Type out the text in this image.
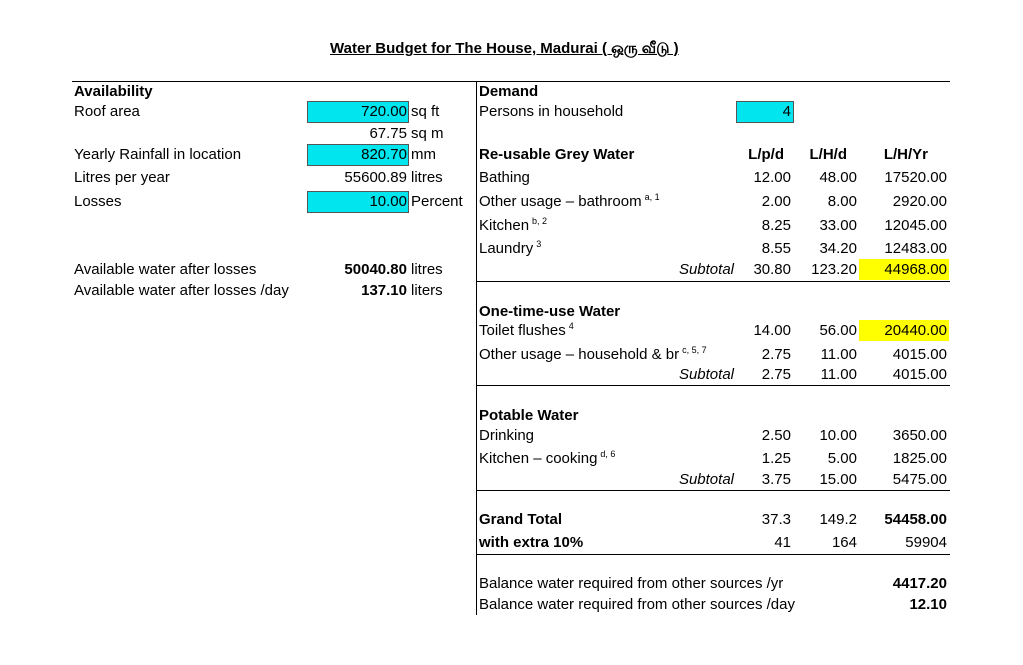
Water Budget for The House, Madurai ( ஒரு வீடு )
Availability
Roof area	720.00 sq ft
67.75 sq m
Yearly Rainfall in location	820.70 mm
Litres per year	55600.89 litres
Losses	10.00 Percent
Available water after losses	50040.80 litres
Available water after losses /day	137.10 liters
Demand
Persons in household	4
Re-usable Grey Water	L/p/d	L/H/d	L/H/Yr
Bathing	12.00	48.00	17520.00
Other usage – bathroom $^{a, 1}$	2.00	8.00	2920.00
Kitchen $^{b, 2}$	8.25	33.00	12045.00
Laundry $^3$	8.55	34.20	12483.00
Subtotal	30.80	123.20	44968.00
One-time-use Water
Toilet flushes $^4$	14.00	56.00	20440.00
Other usage – household & br $^{c, 5, 7}$	2.75	11.00	4015.00
Subtotal	2.75	11.00	4015.00
Potable Water
Drinking	2.50	10.00	3650.00
Kitchen – cooking $^{d, 6}$	1.25	5.00	1825.00
Subtotal	3.75	15.00	5475.00
Grand Total	37.3	149.2	54458.00
with extra 10%	41	164	59904
Balance water required from other sources /yr	4417.20
Balance water required from other sources /day	12.10
